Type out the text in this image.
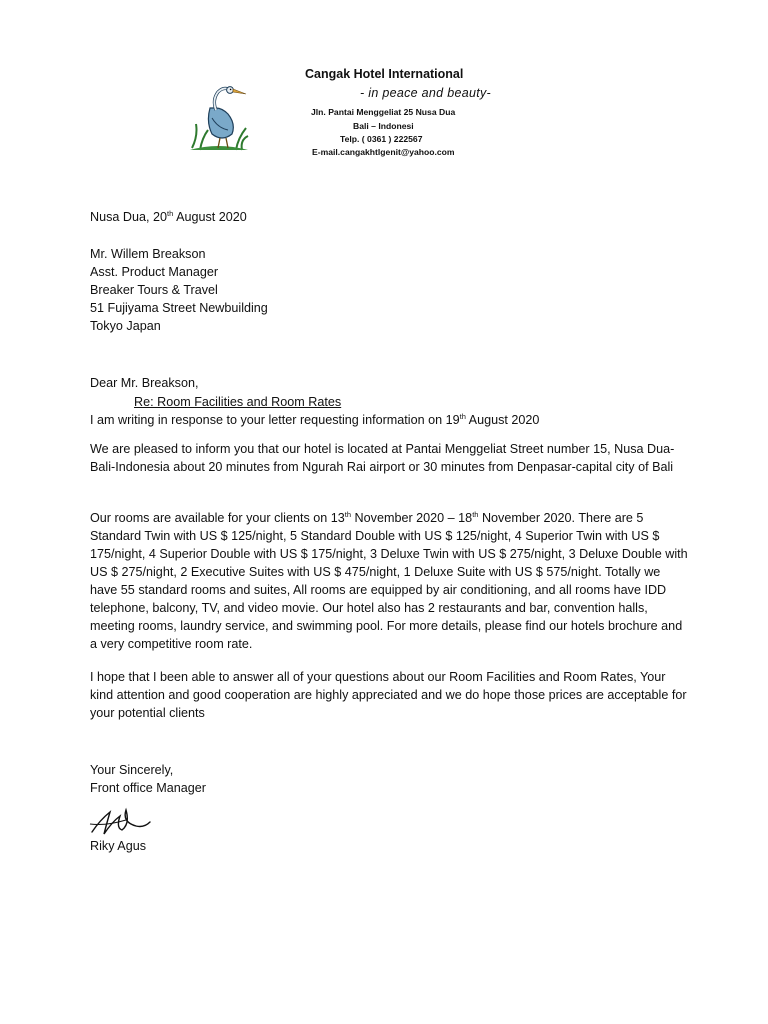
Cangak Hotel International
- in peace and beauty-
Jln. Pantai Menggeliat 25 Nusa Dua
Bali – Indonesi
Telp. ( 0361 ) 222567
E-mail.cangakhtlgenit@yahoo.com
Nusa Dua, 20th August 2020
Mr. Willem Breakson
Asst. Product Manager
Breaker Tours & Travel
51 Fujiyama Street Newbuilding
Tokyo Japan
Dear Mr. Breakson,
Re: Room Facilities and Room Rates
I am writing in response to your letter requesting information on 19th August 2020
We are pleased to inform you that our hotel is located at Pantai Menggeliat Street number 15, Nusa Dua-Bali-Indonesia about 20 minutes from Ngurah Rai airport or 30 minutes from Denpasar-capital city of Bali
Our rooms are available for your clients on 13th November 2020 – 18th November 2020. There are 5 Standard Twin with US $ 125/night, 5 Standard Double with US $ 125/night, 4 Superior Twin with US $ 175/night, 4 Superior Double with US $ 175/night, 3 Deluxe Twin with US $ 275/night, 3 Deluxe Double with US $ 275/night, 2 Executive Suites with US $ 475/night, 1 Deluxe Suite with US $ 575/night. Totally we have 55 standard rooms and suites, All rooms are equipped by air conditioning, and all rooms have IDD telephone, balcony, TV, and video movie. Our hotel also has 2 restaurants and bar, convention halls, meeting rooms, laundry service, and swimming pool. For more details, please find our hotels brochure and a very competitive room rate.
I hope that I been able to answer all of your questions about our Room Facilities and Room Rates, Your kind attention and good cooperation are highly appreciated and we do hope those prices are acceptable for your potential clients
Your Sincerely,
Front office Manager
Riky Agus
